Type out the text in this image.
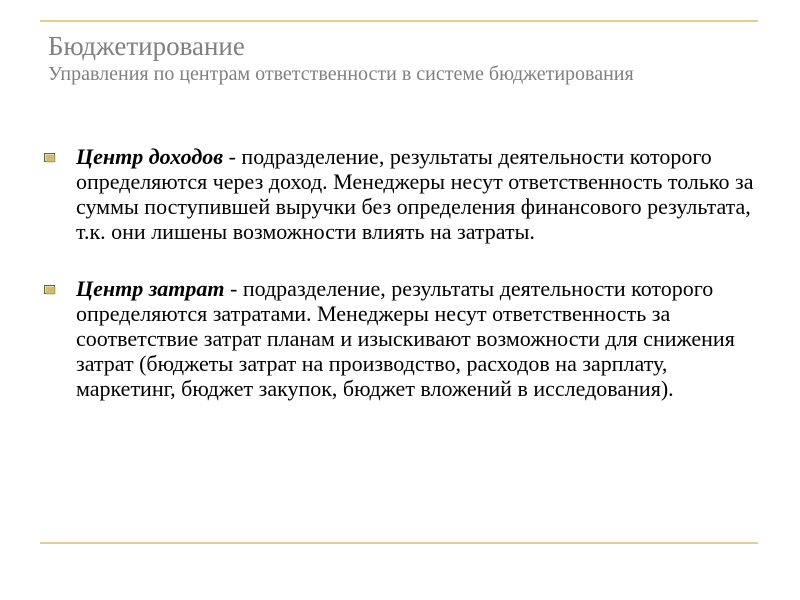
Бюджетирование
Управления по центрам ответственности в системе бюджетирования
Центр доходов - подразделение, результаты деятельности которого определяются через доход. Менеджеры несут ответственность только за суммы поступившей выручки без определения финансового результата, т.к. они лишены возможности влиять на затраты.
Центр затрат - подразделение, результаты деятельности которого определяются затратами. Менеджеры несут ответственность за соответствие затрат планам и изыскивают возможности для снижения затрат (бюджеты затрат на производство, расходов на зарплату, маркетинг, бюджет закупок, бюджет вложений в исследования).
